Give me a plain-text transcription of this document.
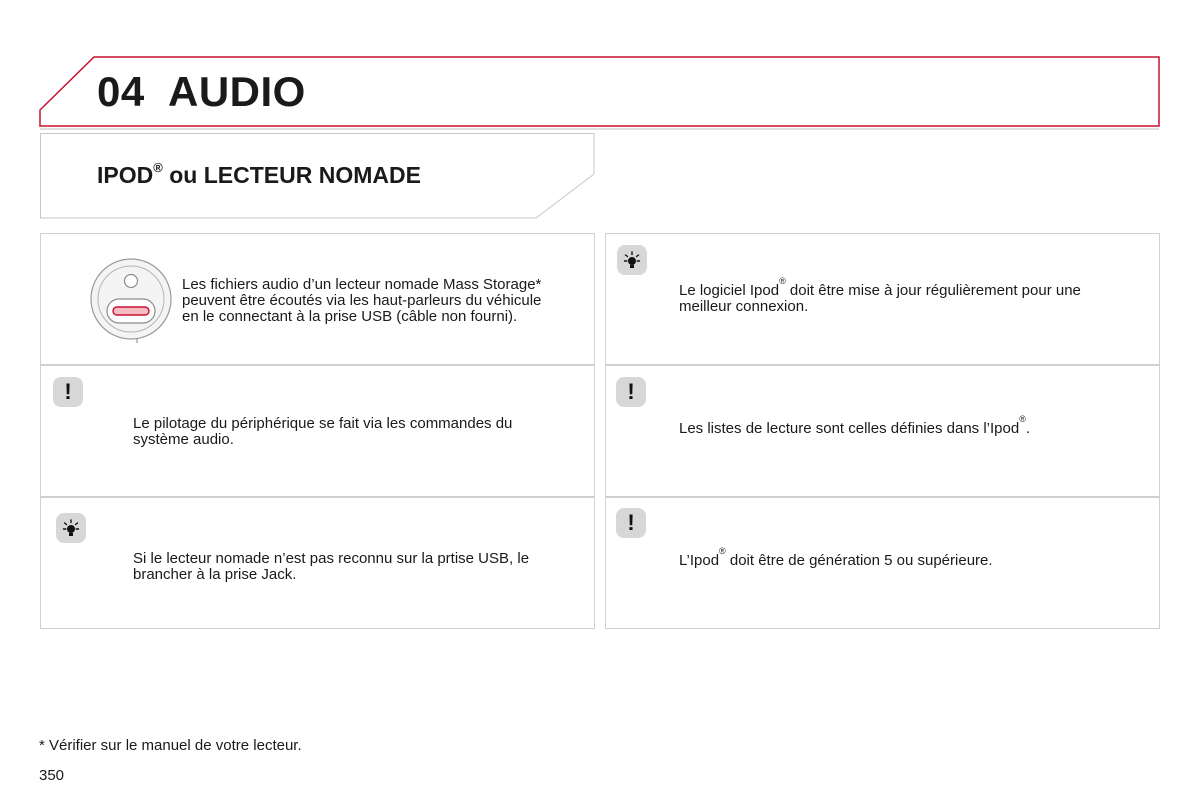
04 AUDIO
IPOD® ou LECTEUR NOMADE
Les fichiers audio d’un lecteur nomade Mass Storage*
peuvent être écoutés via les haut-parleurs du véhicule
en le connectant à la prise USB (câble non fourni).
!
Le pilotage du périphérique se fait via les commandes du
système audio.
Si le lecteur nomade n’est pas reconnu sur la prtise USB, le
brancher à la prise Jack.
Le logiciel Ipod® doit être mise à jour régulièrement pour une
meilleur connexion.
!
Les listes de lecture sont celles définies dans l’Ipod®.
!
L’Ipod® doit être de génération 5 ou supérieure.
* Vérifier sur le manuel de votre lecteur.
350
